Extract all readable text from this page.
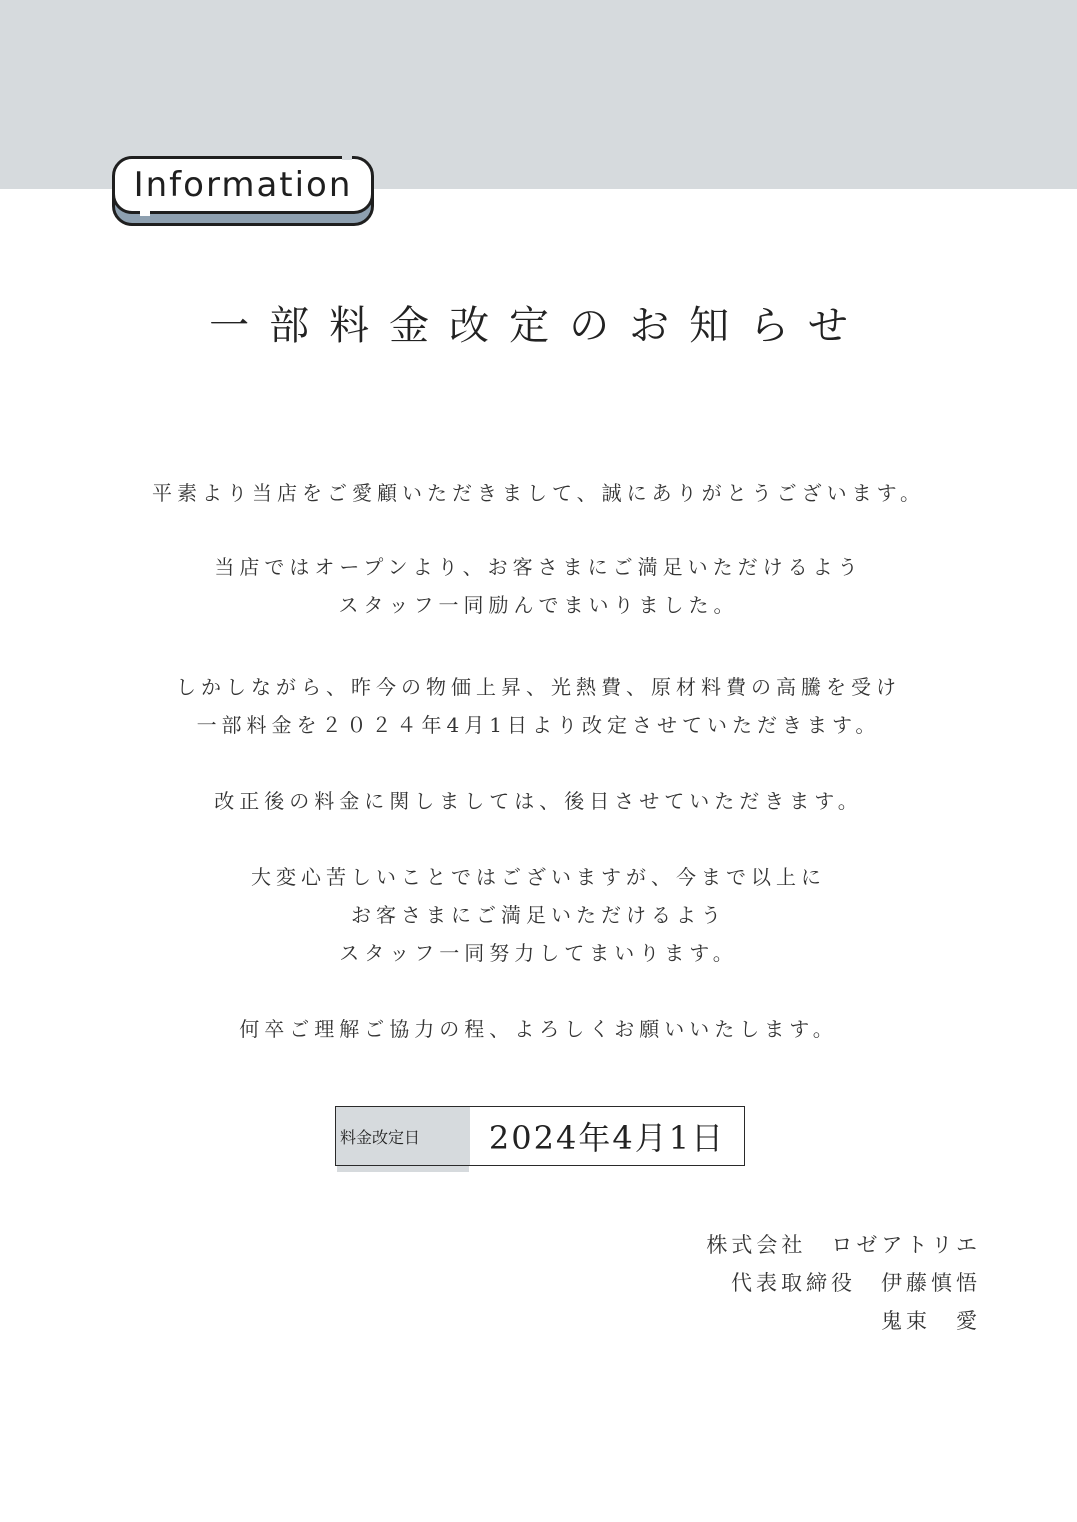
Information
一部料金改定のお知らせ
平素より当店をご愛顧いただきまして、誠にありがとうございます。
当店ではオープンより、お客さまにご満足いただけるよう
スタッフ一同励んでまいりました。
しかしながら、昨今の物価上昇、光熱費、原材料費の高騰を受け
一部料金を２０２４年4月1日より改定させていただきます。
改正後の料金に関しましては、後日させていただきます。
大変心苦しいことではございますが、今まで以上に
お客さまにご満足いただけるよう
スタッフ一同努力してまいります。
何卒ご理解ご協力の程、よろしくお願いいたします。
料金改定日	2024年4月1日
株式会社　ロゼアトリエ
代表取締役　伊藤慎悟
鬼束　愛
